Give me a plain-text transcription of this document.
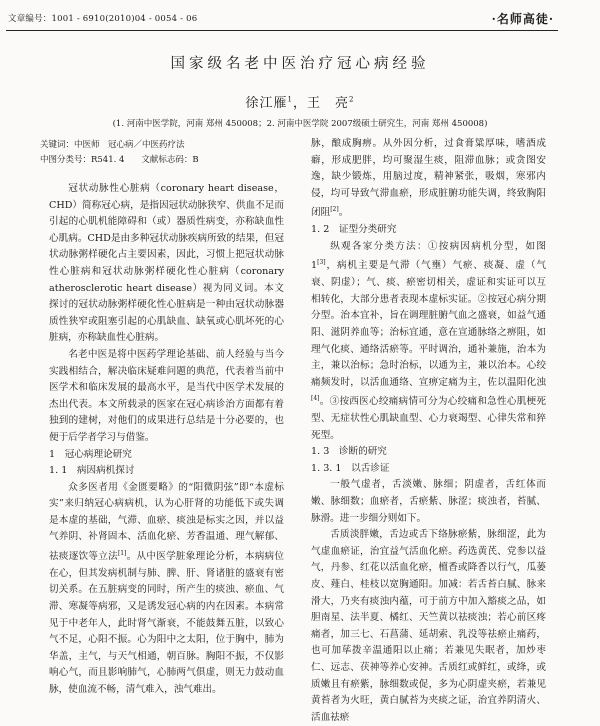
文章编号：1001 - 6910(2010)04 - 0054 - 06	·名师高徒·
国家级名老中医治疗冠心病经验
徐江雁$^1$，王　亮$^2$
(1. 河南中医学院，河南 郑州 450008；2. 河南中医学院 2007级硕士研究生，河南 郑州 450008)
关键词：中医师　冠心病／中医药疗法
中图分类号：R541. 4　　文献标志码：B

冠状动脉性心脏病（coronary heart disease，CHD）简称冠心病，是指因冠状动脉狭窄、供血不足而引起的心肌机能障碍和（或）器质性病变，亦称缺血性心肌病。CHD是由多种冠状动脉疾病所致的结果，但冠状动脉粥样硬化占主要因素，因此，习惯上把冠状动脉性心脏病和冠状动脉粥样硬化性心脏病（coronary atherosclerotic heart disease）视为同义词。本文探讨的冠状动脉粥样硬化性心脏病是一种由冠状动脉器质性狭窄或阻塞引起的心肌缺血、缺氧或心肌坏死的心脏病，亦称缺血性心脏病。

名老中医是将中医药学理论基础、前人经验与当今实践相结合，解决临床疑难问题的典范，代表着当前中医学术和临床发展的最高水平，是当代中医学术发展的杰出代表。本文所载录的医家在冠心病诊治方面都有着独到的建树，对他们的成果进行总结是十分必要的，也便于后学者学习与借鉴。

1　冠心病理论研究
1. 1　病因病机探讨

众多医者用《金匮要略》的“阳微阴弦”即“本虚标实”来归纳冠心病病机，认为心肝肾的功能低下或失调是本虚的基础，气滞、血瘀、痰浊是标实之因，并以益气养阴、补肾固本、活血化瘀、芳香温通、理气解郁、祛痰逐饮等立法[1]。从中医学脏象理论分析，本病病位在心，但其发病机制与肺、脾、肝、肾诸脏的盛衰有密切关系。在五脏病变的同时，所产生的痰浊、瘀血、气滞、寒凝等病邪，又是诱发冠心病的内在因素。本病常见于中老年人，此时肾气渐衰，不能鼓舞五脏，以致心气不足，心阳不振。心为阳中之太阳，位于胸中，肺为华盖，主气，与天气相通，朝百脉。胸阳不振，不仅影响心气，而且影响肺气，心肺两气俱虚，则无力鼓动血脉，使血流不畅，清气难入，浊气难出。

脉，酿成胸痹。从外因分析，过食膏粱厚味，嗜酒成癖，形成肥胖，均可聚湿生痰，阻滞血脉；或贪图安逸，缺少锻炼，用脑过度，精神紧张，吸烟，寒邪内侵，均可导致气滞血瘀，形成脏腑功能失调，终致胸阳闭阻[2]。

1. 2　证型分类研究

纵观各家分类方法：①按病因病机分型，如图1[3]，病机主要是气滞（气壅）气瘀、痰凝、虚（气衰、阴虚）；气、痰、瘀密切相关，虚证和实证可以互相转化，大部分患者表现本虚标实证。②按冠心病分期分型。治本宜补，旨在调理脏腑气血之盛衰，如益气通阳、滋阴养血等；治标宜通，意在宣通脉络之痹阻，如理气化痰、通络活瘀等。平时调治，通补兼施，治本为主，兼以治标；急时治标，以通为主，兼以治本。心绞痛频发时，以活血通络、宣痹定痛为主，佐以温阳化浊[4]。③按西医心绞痛病情可分为心绞痛和急性心肌梗死型、无症状性心肌缺血型、心力衰竭型、心律失常和猝死型。

1. 3　诊断的研究
1. 3. 1　以舌诊证

一般气虚者，舌淡嫩、脉细；阴虚者，舌红体而嫩、脉细数；血瘀者，舌瘀紫、脉涩；痰浊者，苔腻、脉滑。进一步细分则如下。

舌质淡胖嫩，舌边或舌下络脉瘀紫，脉细涩，此为气虚血瘀证，治宜益气活血化瘀。药选黄芪、党参以益气，丹参、红花以活血化瘀，檀香或降香以行气，瓜蒌皮、薤白、桂枝以宽胸通阳。加减：若舌苔白腻、脉来滑大，乃夹有痰浊内蕴，可于前方中加入豁痰之品，如胆南星、法半夏、橘红、天竺黄以祛痰浊；若心前区疼痛者，加三七、石菖蒲、延胡索、乳没等祛瘀止痛药，也可加荜拨辛温通阳以止痛；若兼见失眠者，加炒枣仁、远志、茯神等养心安神。舌质红或鲜红，或绛，或质嫩且有瘀紫，脉细数或促，多为心阴虚夹瘀，若兼见黄苔者为火旺，黄白腻苔为夹痰之证，治宜养阴清火、活血祛瘀
